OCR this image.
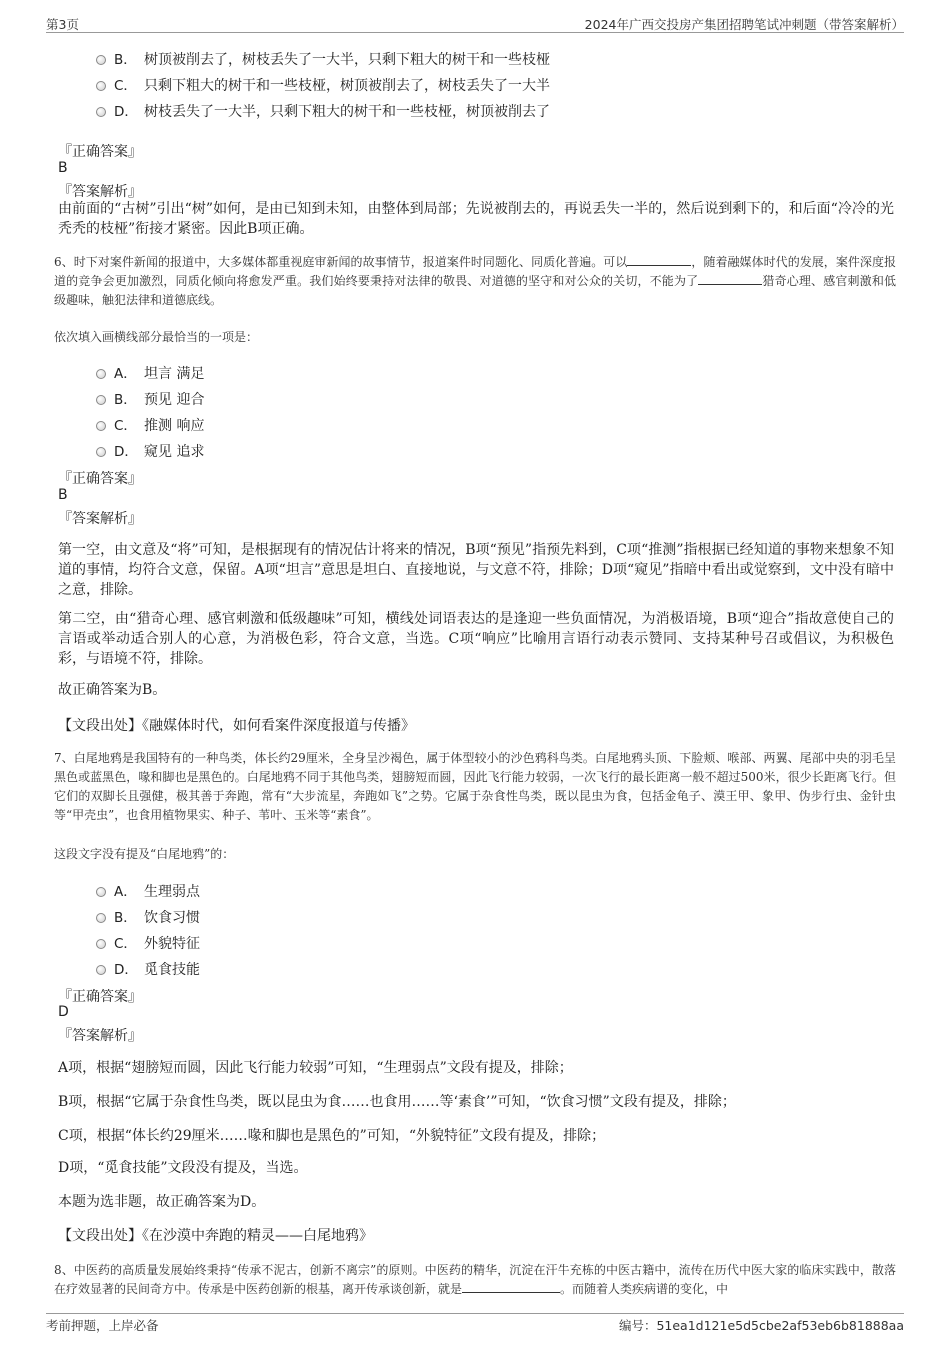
第3页	2024年广西交投房产集团招聘笔试冲刺题（带答案解析）
B． 树顶被削去了，树枝丢失了一大半，只剩下粗大的树干和一些枝桠
C． 只剩下粗大的树干和一些枝桠，树顶被削去了，树枝丢失了一大半
D． 树枝丢失了一大半，只剩下粗大的树干和一些枝桠，树顶被削去了
『正确答案』
B
『答案解析』
由前面的“古树”引出“树”如何，是由已知到未知，由整体到局部；先说被削去的，再说丢失一半的，然后说到剩下的，和后面“冷冷的光秃秃的枝桠”衔接才紧密。因此B项正确。
6、时下对案件新闻的报道中，大多媒体都重视庭审新闻的故事情节，报道案件时同题化、同质化普遍。可以	，随着融媒体时代的发展，案件深度报道的竞争会更加激烈，同质化倾向将愈发严重。我们始终要秉持对法律的敬畏、对道德的坚守和对公众的关切，不能为了	猎奇心理、感官刺激和低级趣味，触犯法律和道德底线。
依次填入画横线部分最恰当的一项是：
A． 坦言 满足
B． 预见 迎合
C． 推测 响应
D． 窥见 追求
『正确答案』
B
『答案解析』
第一空，由文意及“将”可知，是根据现有的情况估计将来的情况，B项“预见”指预先料到，C项“推测”指根据已经知道的事物来想象不知道的事情，均符合文意，保留。A项“坦言”意思是坦白、直接地说，与文意不符，排除；D项“窥见”指暗中看出或觉察到，文中没有暗中之意，排除。
第二空，由“猎奇心理、感官刺激和低级趣味”可知，横线处词语表达的是逢迎一些负面情况，为消极语境，B项“迎合”指故意使自己的言语或举动适合别人的心意，为消极色彩，符合文意，当选。C项“响应”比喻用言语行动表示赞同、支持某种号召或倡议，为积极色彩，与语境不符，排除。
故正确答案为B。
【文段出处】《融媒体时代，如何看案件深度报道与传播》
7、白尾地鸦是我国特有的一种鸟类，体长约29厘米，全身呈沙褐色，属于体型较小的沙色鸦科鸟类。白尾地鸦头顶、下脸颊、喉部、两翼、尾部中央的羽毛呈黑色或蓝黑色，喙和脚也是黑色的。白尾地鸦不同于其他鸟类，翅膀短而圆，因此飞行能力较弱，一次飞行的最长距离一般不超过500米，很少长距离飞行。但它们的双脚长且强健，极其善于奔跑，常有“大步流星，奔跑如飞”之势。它属于杂食性鸟类，既以昆虫为食，包括金龟子、漠王甲、象甲、伪步行虫、金针虫等“甲壳虫”，也食用植物果实、种子、苇叶、玉米等“素食”。
这段文字没有提及“白尾地鸦”的：
A． 生理弱点
B． 饮食习惯
C． 外貌特征
D． 觅食技能
『正确答案』
D
『答案解析』
A项，根据“翅膀短而圆，因此飞行能力较弱”可知，“生理弱点”文段有提及，排除；
B项，根据“它属于杂食性鸟类，既以昆虫为食……也食用……等‘素食’”可知，“饮食习惯”文段有提及，排除；
C项，根据“体长约29厘米……喙和脚也是黑色的”可知，“外貌特征”文段有提及，排除；
D项，“觅食技能”文段没有提及，当选。
本题为选非题，故正确答案为D。
【文段出处】《在沙漠中奔跑的精灵——白尾地鸦》
8、中医药的高质量发展始终秉持“传承不泥古，创新不离宗”的原则。中医药的精华，沉淀在汗牛充栋的中医古籍中，流传在历代中医大家的临床实践中，散落在疗效显著的民间奇方中。传承是中医药创新的根基，离开传承谈创新，就是	。而随着人类疾病谱的变化，中
考前押题，上岸必备	编号：51ea1d121e5d5cbe2af53eb6b81888aa
